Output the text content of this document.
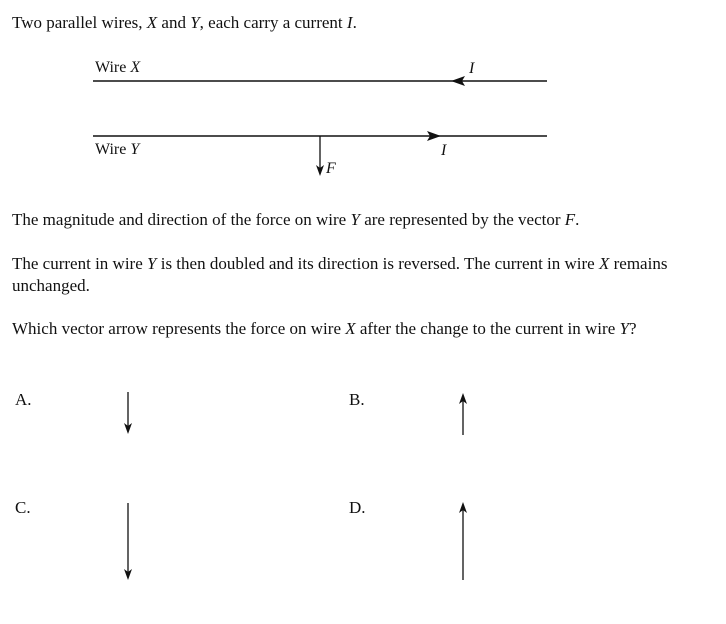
Two parallel wires, X and Y, each carry a current I.
Wire X	I
Wire Y	I
F
The magnitude and direction of the force on wire Y are represented by the vector F.
The current in wire Y is then doubled and its direction is reversed. The current in wire X remains unchanged.
Which vector arrow represents the force on wire X after the change to the current in wire Y?
A.	B.
C.	D.
